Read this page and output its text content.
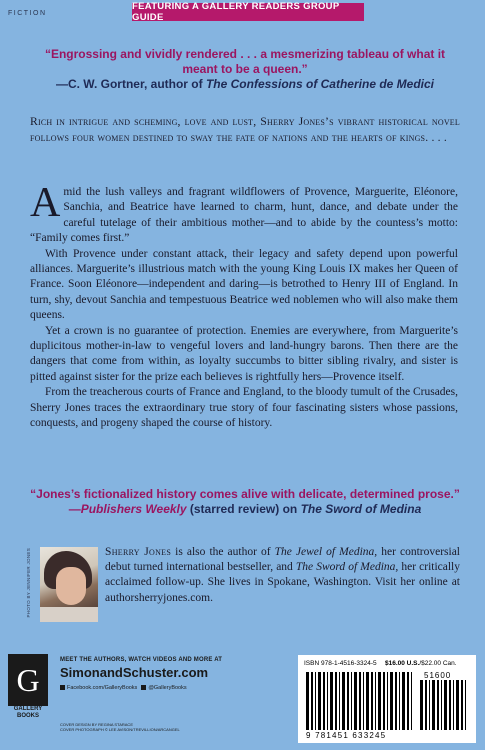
FICTION
FEATURING A GALLERY READERS GROUP GUIDE
“Engrossing and vividly rendered . . . a mesmerizing tableau of what it meant to be a queen.”
—C. W. Gortner, author of The Confessions of Catherine de Medici
Rich in intrigue and scheming, love and lust, Sherry Jones’s vibrant historical novel follows four women destined to sway the fate of nations and the hearts of kings. . . .

Amid the lush valleys and fragrant wildflowers of Provence, Marguerite, Eléonore, Sanchia, and Beatrice have learned to charm, hunt, dance, and debate under the careful tutelage of their ambitious mother—and to abide by the countess’s motto: “Family comes first.”

With Provence under constant attack, their legacy and safety depend upon powerful alliances. Marguerite’s illustrious match with the young King Louis IX makes her Queen of France. Soon Eléonore—independent and daring—is betrothed to Henry III of England. In turn, shy, devout Sanchia and tempestuous Beatrice wed noblemen who will also make them queens.

Yet a crown is no guarantee of protection. Enemies are everywhere, from Marguerite’s duplicitous mother-in-law to vengeful lovers and land-hungry barons. Then there are the dangers that come from within, as loyalty succumbs to bitter sibling rivalry, and sister is pitted against sister for the prize each believes is rightfully hers—Provence itself.

From the treacherous courts of France and England, to the bloody tumult of the Crusades, Sherry Jones traces the extraordinary true story of four fascinating sisters whose passions, conquests, and progeny shaped the course of history.

“Jones’s fictionalized history comes alive with delicate, determined prose.”
—Publishers Weekly (starred review) on The Sword of Medina
PHOTO BY JENNIFER JONES	Sherry Jones is also the author of The Jewel of Medina, her controversial debut turned international bestseller, and The Sword of Medina, her critically acclaimed follow-up. She lives in Spokane, Washington. Visit her online at authorsherryjones.com.
G
GALLERY BOOKS
MEET THE AUTHORS, WATCH VIDEOS AND MORE AT
SimonandSchuster.com
Facebook.com/GalleryBooks	@GalleryBooks
COVER DESIGN BY REGINA STARACE
COVER PHOTOGRAPH © LEE AVISON/TREVILLION/ARCANGEL
ISBN 978-1-4516-3324-5 $16.00 U.S./$22.00 Can.
51600
9 781451 633245
